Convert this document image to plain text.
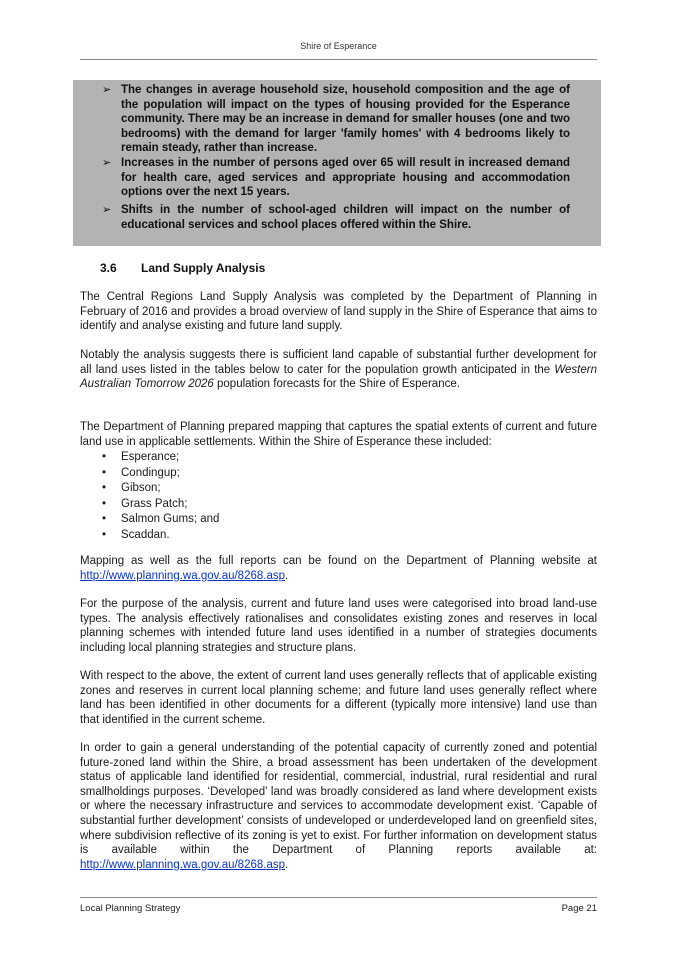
Shire of Esperance
➢ The changes in average household size, household composition and the age of the population will impact on the types of housing provided for the Esperance community. There may be an increase in demand for smaller houses (one and two bedrooms) with the demand for larger 'family homes' with 4 bedrooms likely to remain steady, rather than increase.
➢ Increases in the number of persons aged over 65 will result in increased demand for health care, aged services and appropriate housing and accommodation options over the next 15 years.
➢ Shifts in the number of school-aged children will impact on the number of educational services and school places offered within the Shire.
3.6 Land Supply Analysis

The Central Regions Land Supply Analysis was completed by the Department of Planning in February of 2016 and provides a broad overview of land supply in the Shire of Esperance that aims to identify and analyse existing and future land supply.

Notably the analysis suggests there is sufficient land capable of substantial further development for all land uses listed in the tables below to cater for the population growth anticipated in the Western Australian Tomorrow 2026 population forecasts for the Shire of Esperance.

The Department of Planning prepared mapping that captures the spatial extents of current and future land use in applicable settlements. Within the Shire of Esperance these included:

• Esperance;
• Condingup;
• Gibson;
• Grass Patch;
• Salmon Gums; and
• Scaddan.

Mapping as well as the full reports can be found on the Department of Planning website at http://www.planning.wa.gov.au/8268.asp.

For the purpose of the analysis, current and future land uses were categorised into broad land-use types. The analysis effectively rationalises and consolidates existing zones and reserves in local planning schemes with intended future land uses identified in a number of strategies documents including local planning strategies and structure plans.

With respect to the above, the extent of current land uses generally reflects that of applicable existing zones and reserves in current local planning scheme; and future land uses generally reflect where land has been identified in other documents for a different (typically more intensive) land use than that identified in the current scheme.

In order to gain a general understanding of the potential capacity of currently zoned and potential future-zoned land within the Shire, a broad assessment has been undertaken of the development status of applicable land identified for residential, commercial, industrial, rural residential and rural smallholdings purposes. ‘Developed’ land was broadly considered as land where development exists or where the necessary infrastructure and services to accommodate development exist. ‘Capable of substantial further development’ consists of undeveloped or underdeveloped land on greenfield sites, where subdivision reflective of its zoning is yet to exist. For further information on development status is available within the Department of Planning reports available at: http://www.planning.wa.gov.au/8268.asp.

Local Planning Strategy	Page 21
